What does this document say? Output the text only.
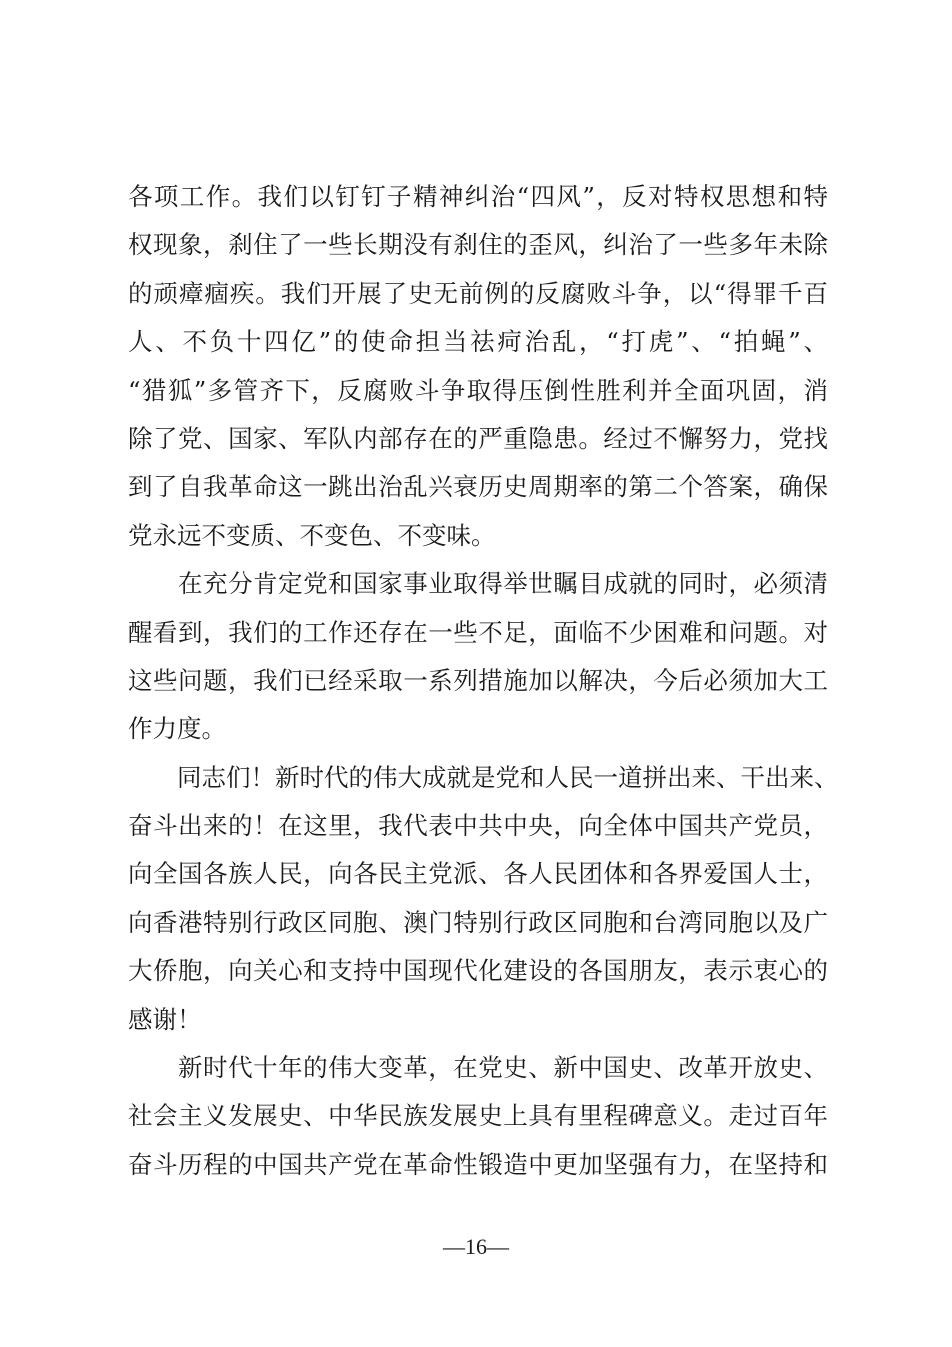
各项工作。我们以钉钉子精神纠治“四风”，反对特权思想和特
权现象，刹住了一些长期没有刹住的歪风，纠治了一些多年未除
的顽瘴痼疾。我们开展了史无前例的反腐败斗争，以“得罪千百
人、不负十四亿”的使命担当祛疴治乱，“打虎”、“拍蝇”、
“猎狐”多管齐下，反腐败斗争取得压倒性胜利并全面巩固，消
除了党、国家、军队内部存在的严重隐患。经过不懈努力，党找
到了自我革命这一跳出治乱兴衰历史周期率的第二个答案，确保
党永远不变质、不变色、不变味。
　　在充分肯定党和国家事业取得举世瞩目成就的同时，必须清
醒看到，我们的工作还存在一些不足，面临不少困难和问题。对
这些问题，我们已经采取一系列措施加以解决，今后必须加大工
作力度。
　　同志们！新时代的伟大成就是党和人民一道拼出来、干出来、
奋斗出来的！在这里，我代表中共中央，向全体中国共产党员，
向全国各族人民，向各民主党派、各人民团体和各界爱国人士，
向香港特别行政区同胞、澳门特别行政区同胞和台湾同胞以及广
大侨胞，向关心和支持中国现代化建设的各国朋友，表示衷心的
感谢！
　　新时代十年的伟大变革，在党史、新中国史、改革开放史、
社会主义发展史、中华民族发展史上具有里程碑意义。走过百年
奋斗历程的中国共产党在革命性锻造中更加坚强有力，在坚持和
—16—
